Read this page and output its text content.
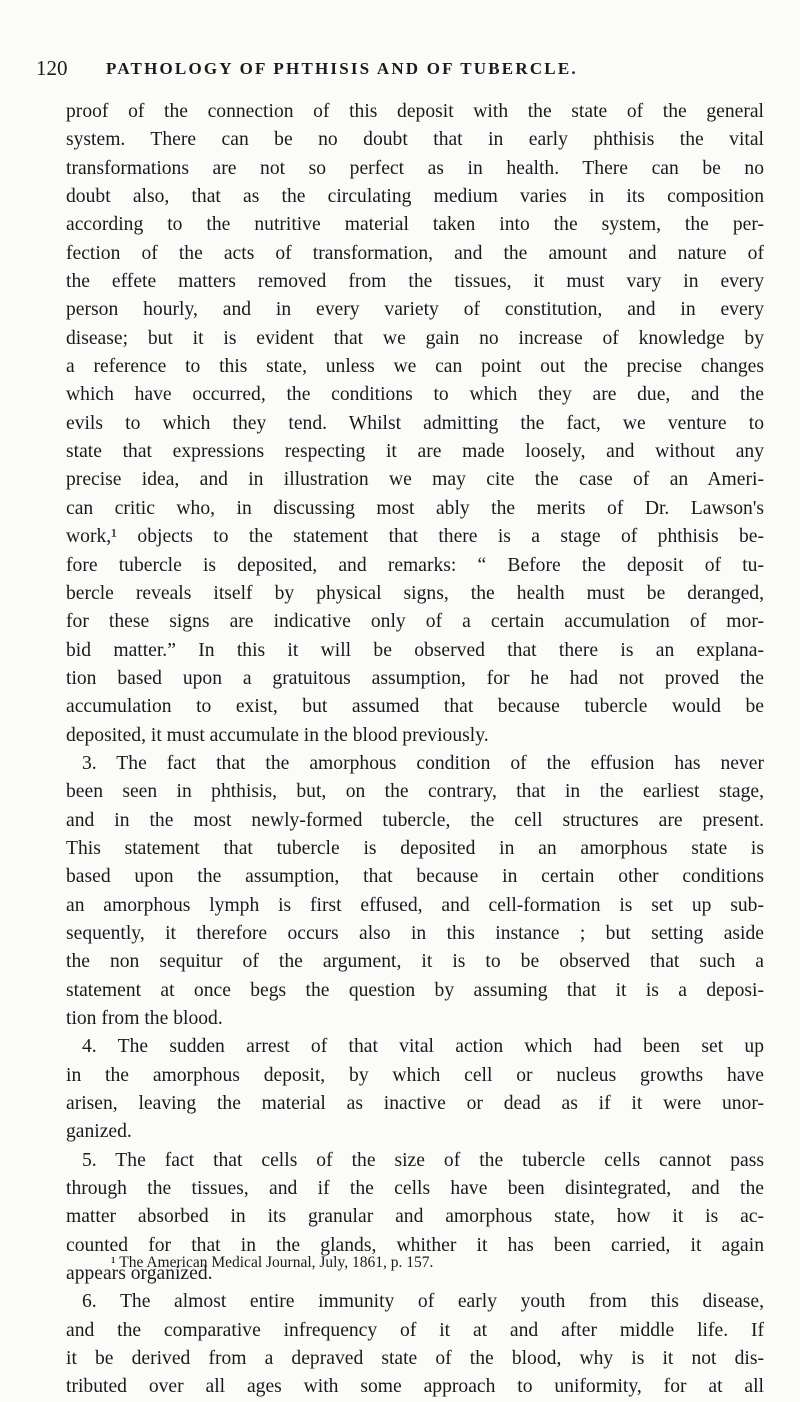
120 PATHOLOGY OF PHTHISIS AND OF TUBERCLE.
proof of the connection of this deposit with the state of the general
system. There can be no doubt that in early phthisis the vital
transformations are not so perfect as in health. There can be no
doubt also, that as the circulating medium varies in its composition
according to the nutritive material taken into the system, the per-
fection of the acts of transformation, and the amount and nature of
the effete matters removed from the tissues, it must vary in every
person hourly, and in every variety of constitution, and in every
disease; but it is evident that we gain no increase of knowledge by
a reference to this state, unless we can point out the precise changes
which have occurred, the conditions to which they are due, and the
evils to which they tend. Whilst admitting the fact, we venture to
state that expressions respecting it are made loosely, and without any
precise idea, and in illustration we may cite the case of an Ameri-
can critic who, in discussing most ably the merits of Dr. Lawson's
work,¹ objects to the statement that there is a stage of phthisis be-
fore tubercle is deposited, and remarks: “ Before the deposit of tu-
bercle reveals itself by physical signs, the health must be deranged,
for these signs are indicative only of a certain accumulation of mor-
bid matter.” In this it will be observed that there is an explana-
tion based upon a gratuitous assumption, for he had not proved the
accumulation to exist, but assumed that because tubercle would be
deposited, it must accumulate in the blood previously.
3. The fact that the amorphous condition of the effusion has never
been seen in phthisis, but, on the contrary, that in the earliest stage,
and in the most newly-formed tubercle, the cell structures are present.
This statement that tubercle is deposited in an amorphous state is
based upon the assumption, that because in certain other conditions
an amorphous lymph is first effused, and cell-formation is set up sub-
sequently, it therefore occurs also in this instance ; but setting aside
the non sequitur of the argument, it is to be observed that such a
statement at once begs the question by assuming that it is a deposi-
tion from the blood.
4. The sudden arrest of that vital action which had been set up
in the amorphous deposit, by which cell or nucleus growths have
arisen, leaving the material as inactive or dead as if it were unor-
ganized.
5. The fact that cells of the size of the tubercle cells cannot pass
through the tissues, and if the cells have been disintegrated, and the
matter absorbed in its granular and amorphous state, how it is ac-
counted for that in the glands, whither it has been carried, it again
appears organized.
6. The almost entire immunity of early youth from this disease,
and the comparative infrequency of it at and after middle life. If
it be derived from a depraved state of the blood, why is it not dis-
tributed over all ages with some approach to uniformity, for at all
¹ The American Medical Journal, July, 1861, p. 157.
